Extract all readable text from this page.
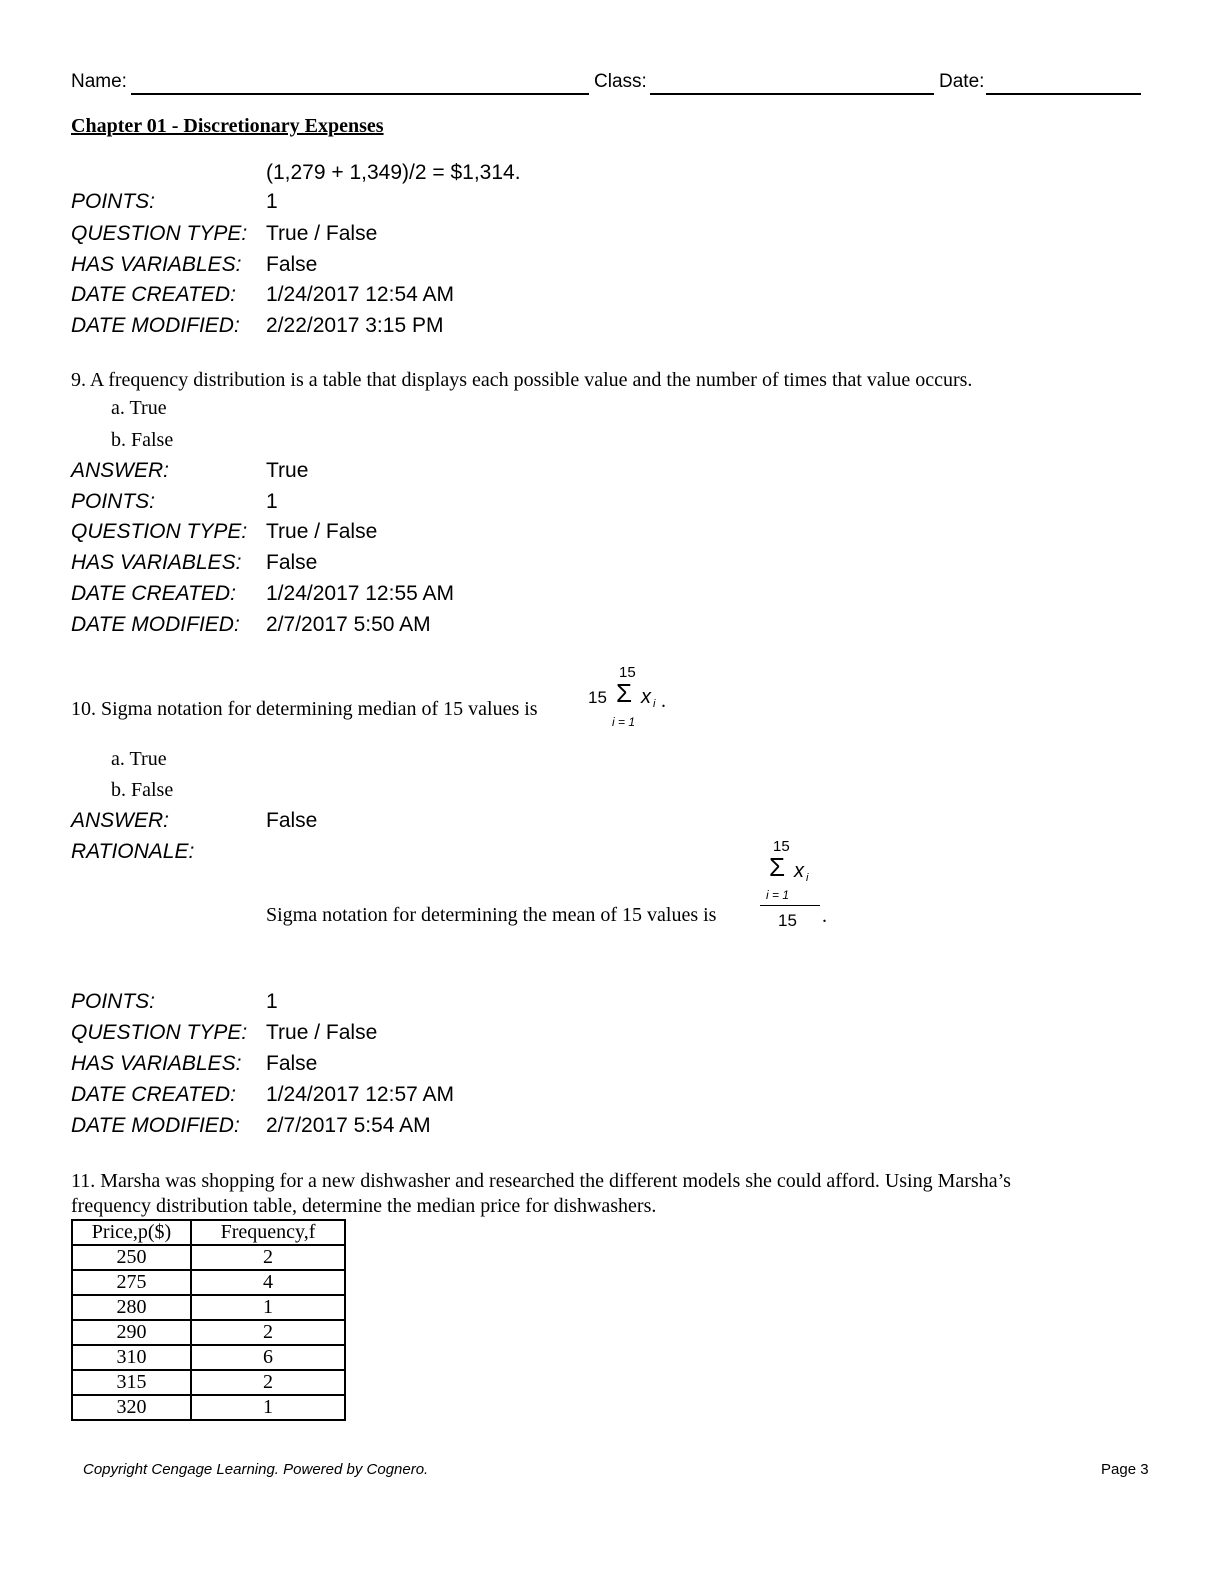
Name:	Class:	Date:
Chapter 01 - Discretionary Expenses
(1,279 + 1,349)/2 = $1,314.
POINTS:	1
QUESTION TYPE: True / False
HAS VARIABLES: False
DATE CREATED: 1/24/2017 12:54 AM
DATE MODIFIED: 2/22/2017 3:15 PM
9. A frequency distribution is a table that displays each possible value and the number of times that value occurs.
a. True
b. False
ANSWER:	True
POINTS:	1
QUESTION TYPE: True / False
HAS VARIABLES: False
DATE CREATED: 1/24/2017 12:55 AM
DATE MODIFIED: 2/7/2017 5:50 AM
10. Sigma notation for determining median of 15 values is
15
15 Σ x i
i = 1
.
a. True
b. False
ANSWER:	False
RATIONALE:
Sigma notation for determining the mean of 15 values is
15
Σ x i
i = 1
15 .
POINTS:	1
QUESTION TYPE: True / False
HAS VARIABLES: False
DATE CREATED: 1/24/2017 12:57 AM
DATE MODIFIED: 2/7/2017 5:54 AM
11. Marsha was shopping for a new dishwasher and researched the different models she could afford. Using Marsha’s
frequency distribution table, determine the median price for dishwashers.
Price,p($)	Frequency,f
250	2
275	4
280	1
290	2
310	6
315	2
320	1
Copyright Cengage Learning. Powered by Cognero.	Page 3
